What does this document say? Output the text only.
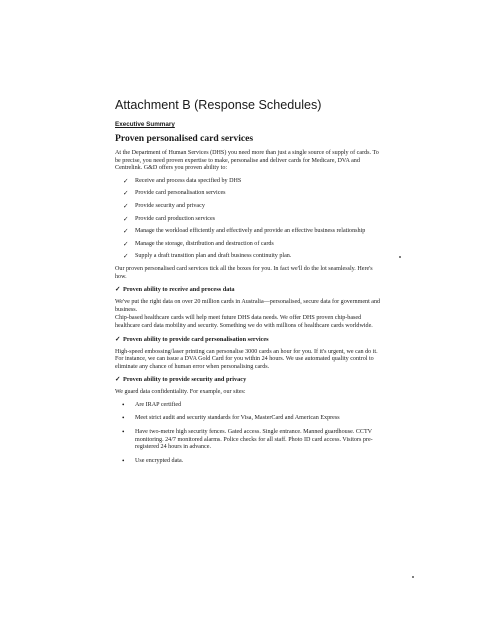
Attachment B (Response Schedules)
Executive Summary
Proven personalised card services

At the Department of Human Services (DHS) you need more than just a single source of supply of cards. To be precise, you need proven expertise to make, personalise and deliver cards for Medicare, DVA and Centrelink. G&D offers you proven ability to:

✓ Receive and process data specified by DHS
✓ Provide card personalisation services
✓ Provide security and privacy
✓ Provide card production services
✓ Manage the workload efficiently and effectively and provide an effective business relationship
✓ Manage the storage, distribution and destruction of cards
✓ Supply a draft transition plan and draft business continuity plan.

Our proven personalised card services tick all the boxes for you. In fact we'll do the lot seamlessly. Here's how.

✓ Proven ability to receive and process data

We've put the right data on over 20 million cards in Australia—personalised, secure data for government and business.

Chip-based healthcare cards will help meet future DHS data needs. We offer DHS proven chip-based healthcare card data mobility and security. Something we do with millions of healthcare cards worldwide.

✓ Proven ability to provide card personalisation services

High-speed embossing/laser printing can personalise 3000 cards an hour for you. If it's urgent, we can do it. For instance, we can issue a DVA Gold Card for you within 24 hours. We use automated quality control to eliminate any chance of human error when personalising cards.

✓ Proven ability to provide security and privacy

We guard data confidentiality. For example, our sites:

• Are IRAP certified
• Meet strict audit and security standards for Visa, MasterCard and American Express
• Have two-metre high security fences. Gated access. Single entrance. Manned guardhouse. CCTV monitoring. 24/7 monitored alarms. Police checks for all staff. Photo ID card access. Visitors pre-registered 24 hours in advance.
• Use encrypted data.
